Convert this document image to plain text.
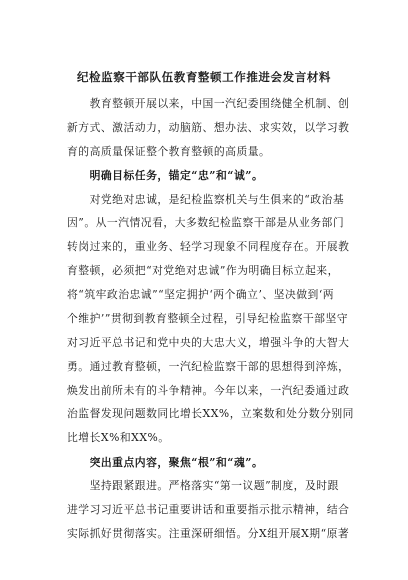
纪检监察干部队伍教育整顿工作推进会发言材料
　　教育整顿开展以来，中国一汽纪委围绕健全机制、创
新方式、激活动力，动脑筋、想办法、求实效，以学习教
育的高质量保证整个教育整顿的高质量。
　　明确目标任务，锚定“忠”和“诚”。
　　对党绝对忠诚，是纪检监察机关与生俱来的“政治基
因”。从一汽情况看，大多数纪检监察干部是从业务部门
转岗过来的，重业务、轻学习现象不同程度存在。开展教
育整顿，必须把“对党绝对忠诚”作为明确目标立起来，
将“筑牢政治忠诚”“坚定拥护‘两个确立’、坚决做到‘两
个维护’”贯彻到教育整顿全过程，引导纪检监察干部坚守
对习近平总书记和党中央的大忠大义，增强斗争的大智大
勇。通过教育整顿，一汽纪检监察干部的思想得到淬炼，
焕发出前所未有的斗争精神。今年以来，一汽纪委通过政
治监督发现问题数同比增长XX%，立案数和处分数分别同
比增长X%和XX%。
　　突出重点内容，聚焦“根”和“魂”。
　　坚持跟紧跟进。严格落实“第一议题”制度，及时跟
进学习习近平总书记重要讲话和重要指示批示精神，结合
实际抓好贯彻落实。注重深研细悟。分X组开展X期“原著
